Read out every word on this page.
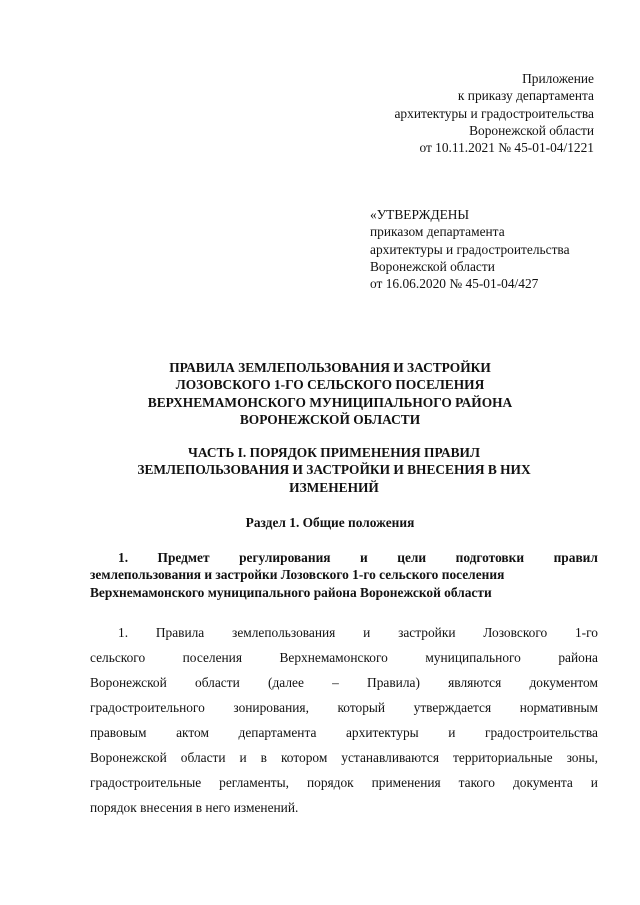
Приложение
к приказу департамента
архитектуры и градостроительства
Воронежской области
от 10.11.2021 № 45-01-04/1221
«УТВЕРЖДЕНЫ
приказом департамента
архитектуры и градостроительства
Воронежской области
от 16.06.2020 № 45-01-04/427
ПРАВИЛА ЗЕМЛЕПОЛЬЗОВАНИЯ И ЗАСТРОЙКИ
ЛОЗОВСКОГО 1-ГО СЕЛЬСКОГО ПОСЕЛЕНИЯ
ВЕРХНЕМАМОНСКОГО МУНИЦИПАЛЬНОГО РАЙОНА
ВОРОНЕЖСКОЙ ОБЛАСТИ
ЧАСТЬ I. ПОРЯДОК ПРИМЕНЕНИЯ ПРАВИЛ
ЗЕМЛЕПОЛЬЗОВАНИЯ И ЗАСТРОЙКИ И ВНЕСЕНИЯ В НИХ
ИЗМЕНЕНИЙ
Раздел 1. Общие положения
1. Предмет регулирования и цели подготовки правил
землепользования и застройки Лозовского 1-го сельского поселения
Верхнемамонского муниципального района Воронежской области
1. Правила землепользования и застройки Лозовского 1-го
сельского	поселения	Верхнемамонского	муниципального	района
Воронежской области (далее – Правила) являются документом
градостроительного зонирования, который утверждается нормативным
правовым актом департамента архитектуры и градостроительства
Воронежской области и в котором устанавливаются территориальные зоны,
градостроительные регламенты, порядок применения такого документа и
порядок внесения в него изменений.
